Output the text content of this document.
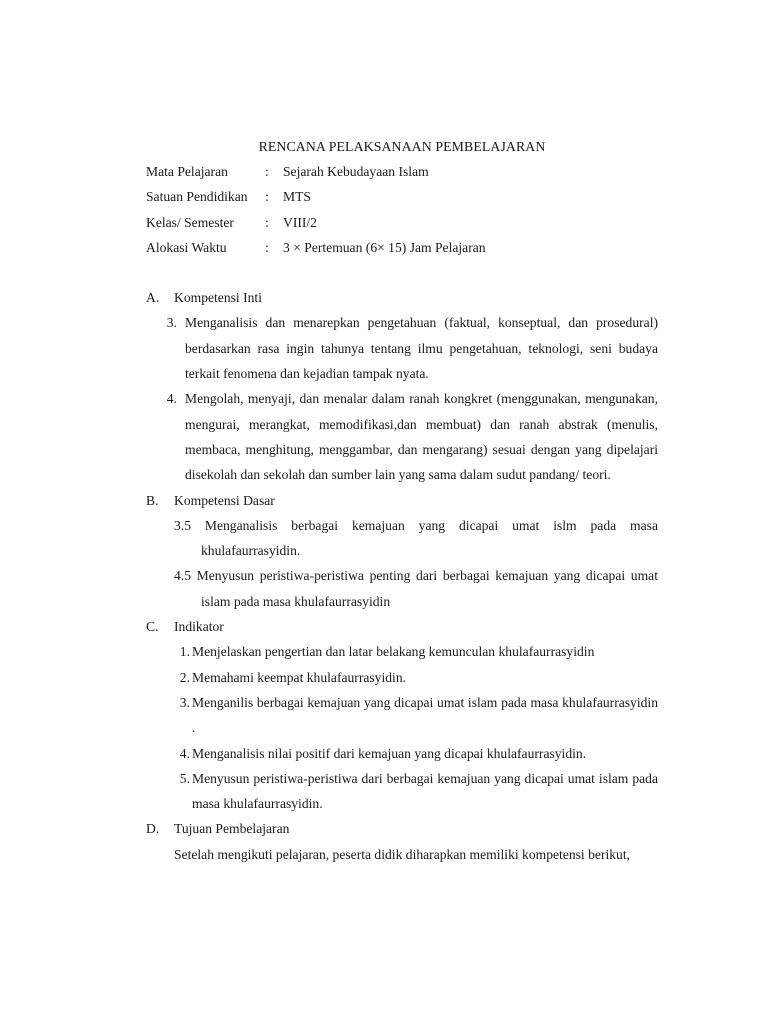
RENCANA PELAKSANAAN PEMBELAJARAN
Mata Pelajaran	:	Sejarah Kebudayaan Islam
Satuan Pendidikan	:	MTS
Kelas/ Semester	:	VIII/2
Alokasi Waktu	:	3 × Pertemuan (6× 15) Jam Pelajaran
A.	Kompetensi Inti
3. Menganalisis dan menarepkan pengetahuan (faktual, konseptual, dan prosedural) berdasarkan rasa ingin tahunya tentang ilmu pengetahuan, teknologi, seni budaya terkait fenomena dan kejadian tampak nyata.
4. Mengolah, menyaji, dan menalar dalam ranah kongkret (menggunakan, mengunakan, mengurai, merangkat, memodifikasi,dan membuat) dan ranah abstrak (menulis, membaca, menghitung, menggambar, dan mengarang) sesuai dengan yang dipelajari disekolah dan sekolah dan sumber lain yang sama dalam sudut pandang/ teori.
B.	Kompetensi Dasar
3.5 Menganalisis berbagai kemajuan yang dicapai umat islm pada masa khulafaurrasyidin.
4.5 Menyusun peristiwa-peristiwa penting dari berbagai kemajuan yang dicapai umat islam pada masa khulafaurrasyidin
C.	Indikator
1. Menjelaskan pengertian dan latar belakang kemunculan khulafaurrasyidin
2. Memahami keempat khulafaurrasyidin.
3. Menganilis berbagai kemajuan yang dicapai umat islam pada masa khulafaurrasyidin .
4. Menganalisis nilai positif dari kemajuan yang dicapai khulafaurrasyidin.
5. Menyusun peristiwa-peristiwa dari berbagai kemajuan yang dicapai umat islam pada masa khulafaurrasyidin.
D.	Tujuan Pembelajaran
Setelah mengikuti pelajaran, peserta didik diharapkan memiliki kompetensi berikut,
